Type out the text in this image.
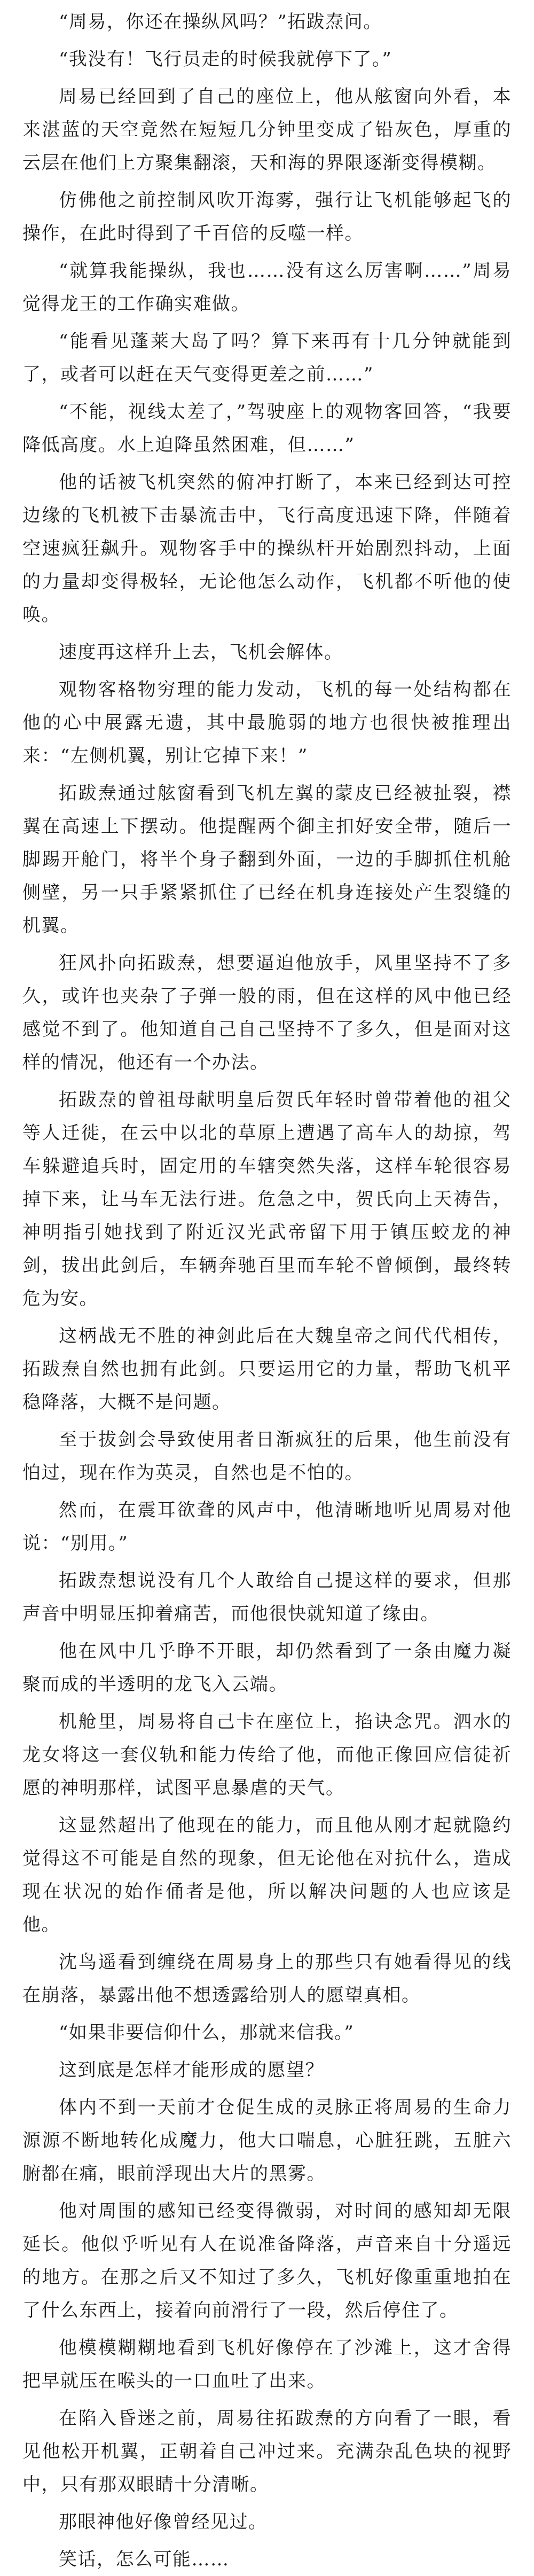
“周易，你还在操纵风吗？”拓跋焘问。

“我没有！飞行员走的时候我就停下了。”

周易已经回到了自己的座位上，他从舷窗向外看，本来湛蓝的天空竟然在短短几分钟里变成了铅灰色，厚重的云层在他们上方聚集翻滚，天和海的界限逐渐变得模糊。

仿佛他之前控制风吹开海雾，强行让飞机能够起飞的操作，在此时得到了千百倍的反噬一样。

“就算我能操纵，我也……没有这么厉害啊……”周易觉得龙王的工作确实难做。

“能看见蓬莱大岛了吗？算下来再有十几分钟就能到了，或者可以赶在天气变得更差之前……”

“不能，视线太差了，”驾驶座上的观物客回答，“我要降低高度。水上迫降虽然困难，但……”

他的话被飞机突然的俯冲打断了，本来已经到达可控边缘的飞机被下击暴流击中，飞行高度迅速下降，伴随着空速疯狂飙升。观物客手中的操纵杆开始剧烈抖动，上面的力量却变得极轻，无论他怎么动作，飞机都不听他的使唤。

速度再这样升上去，飞机会解体。

观物客格物穷理的能力发动，飞机的每一处结构都在他的心中展露无遗，其中最脆弱的地方也很快被推理出来：“左侧机翼，别让它掉下来！”

拓跋焘通过舷窗看到飞机左翼的蒙皮已经被扯裂，襟翼在高速上下摆动。他提醒两个御主扣好安全带，随后一脚踢开舱门，将半个身子翻到外面，一边的手脚抓住机舱侧壁，另一只手紧紧抓住了已经在机身连接处产生裂缝的机翼。

狂风扑向拓跋焘，想要逼迫他放手，风里坚持不了多久，或许也夹杂了子弹一般的雨，但在这样的风中他已经感觉不到了。他知道自己自己坚持不了多久，但是面对这样的情况，他还有一个办法。

拓跋焘的曾祖母献明皇后贺氏年轻时曾带着他的祖父等人迁徙，在云中以北的草原上遭遇了高车人的劫掠，驾车躲避追兵时，固定用的车辖突然失落，这样车轮很容易掉下来，让马车无法行进。危急之中，贺氏向上天祷告，神明指引她找到了附近汉光武帝留下用于镇压蛟龙的神剑，拔出此剑后，车辆奔驰百里而车轮不曾倾倒，最终转危为安。

这柄战无不胜的神剑此后在大魏皇帝之间代代相传，拓跋焘自然也拥有此剑。只要运用它的力量，帮助飞机平稳降落，大概不是问题。

至于拔剑会导致使用者日渐疯狂的后果，他生前没有怕过，现在作为英灵，自然也是不怕的。

然而，在震耳欲聋的风声中，他清晰地听见周易对他说：“别用。”

拓跋焘想说没有几个人敢给自己提这样的要求，但那声音中明显压抑着痛苦，而他很快就知道了缘由。

他在风中几乎睁不开眼，却仍然看到了一条由魔力凝聚而成的半透明的龙飞入云端。

机舱里，周易将自己卡在座位上，掐诀念咒。泗水的龙女将这一套仪轨和能力传给了他，而他正像回应信徒祈愿的神明那样，试图平息暴虐的天气。

这显然超出了他现在的能力，而且他从刚才起就隐约觉得这不可能是自然的现象，但无论他在对抗什么，造成现在状况的始作俑者是他，所以解决问题的人也应该是他。

沈鸟遥看到缠绕在周易身上的那些只有她看得见的线在崩落，暴露出他不想透露给别人的愿望真相。

“如果非要信仰什么，那就来信我。”

这到底是怎样才能形成的愿望？

体内不到一天前才仓促生成的灵脉正将周易的生命力源源不断地转化成魔力，他大口喘息，心脏狂跳，五脏六腑都在痛，眼前浮现出大片的黑雾。

他对周围的感知已经变得微弱，对时间的感知却无限延长。他似乎听见有人在说准备降落，声音来自十分遥远的地方。在那之后又不知过了多久，飞机好像重重地拍在了什么东西上，接着向前滑行了一段，然后停住了。

他模模糊糊地看到飞机好像停在了沙滩上，这才舍得把早就压在喉头的一口血吐了出来。

在陷入昏迷之前，周易往拓跋焘的方向看了一眼，看见他松开机翼，正朝着自己冲过来。充满杂乱色块的视野中，只有那双眼睛十分清晰。

那眼神他好像曾经见过。

笑话，怎么可能……
